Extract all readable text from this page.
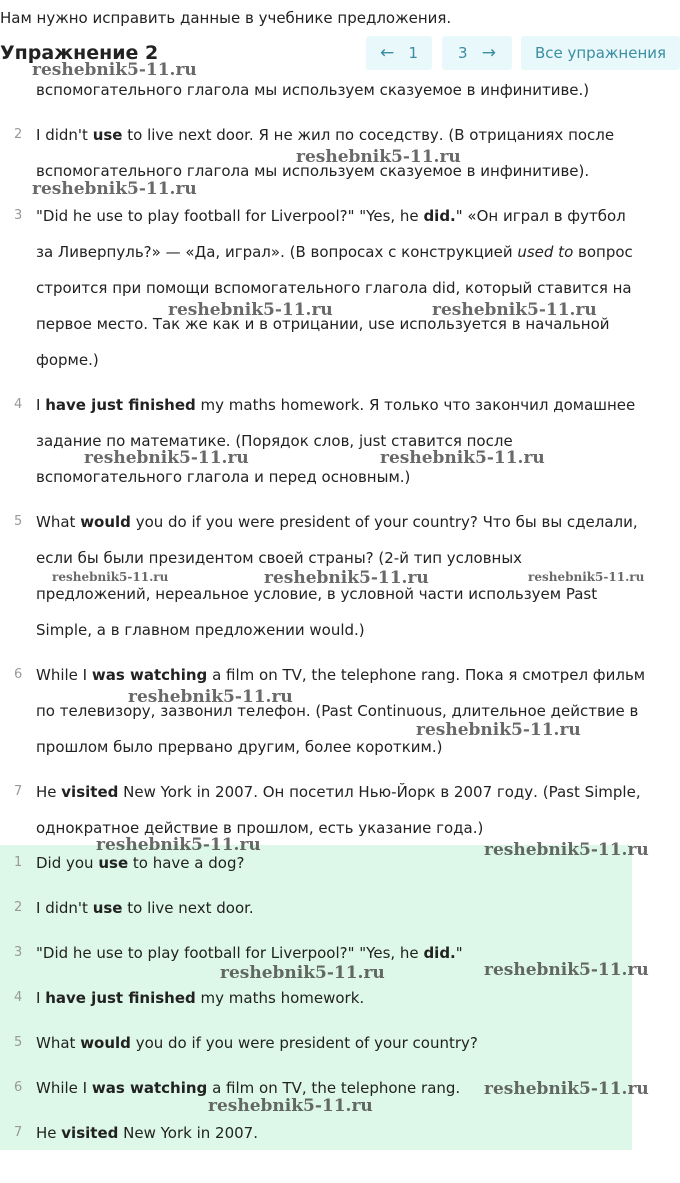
Нам нужно исправить данные в учебнике предложения.
Упражнение 2	← 1	3 →	Все упражнения
вспомогательного глагола мы используем сказуемое в инфинитиве.)
2 I didn't use to live next door. Я не жил по соседству. (В отрицаниях после
вспомогательного глагола мы используем сказуемое в инфинитиве).
3 "Did he use to play football for Liverpool?" "Yes, he did." «Он играл в футбол
за Ливерпуль?» — «Да, играл». (В вопросах с конструкцией used to вопрос
строится при помощи вспомогательного глагола did, который ставится на
первое место. Так же как и в отрицании, use используется в начальной
форме.)
4 I have just finished my maths homework. Я только что закончил домашнее
задание по математике. (Порядок слов, just ставится после
вспомогательного глагола и перед основным.)
5 What would you do if you were president of your country? Что бы вы сделали,
если бы были президентом своей страны? (2-й тип условных
предложений, нереальное условие, в условной части используем Past
Simple, а в главном предложении would.)
6 While I was watching a film on TV, the telephone rang. Пока я смотрел фильм
по телевизору, зазвонил телефон. (Past Continuous, длительное действие в
прошлом было прервано другим, более коротким.)
7 He visited New York in 2007. Он посетил Нью-Йорк в 2007 году. (Past Simple,
однократное действие в прошлом, есть указание года.)
1 Did you use to have a dog?
2 I didn't use to live next door.
3 "Did he use to play football for Liverpool?" "Yes, he did."
4 I have just finished my maths homework.
5 What would you do if you were president of your country?
6 While I was watching a film on TV, the telephone rang.
7 He visited New York in 2007.
reshebnik5-11.ru
reshebnik5-11.ru
reshebnik5-11.ru
reshebnik5-11.ru	reshebnik5-11.ru
reshebnik5-11.ru	reshebnik5-11.ru
reshebnik5-11.ru	reshebnik5-11.ru	reshebnik5-11.ru
reshebnik5-11.ru
reshebnik5-11.ru
reshebnik5-11.ru	reshebnik5-11.ru
reshebnik5-11.ru	reshebnik5-11.ru
reshebnik5-11.ru
reshebnik5-11.ru
